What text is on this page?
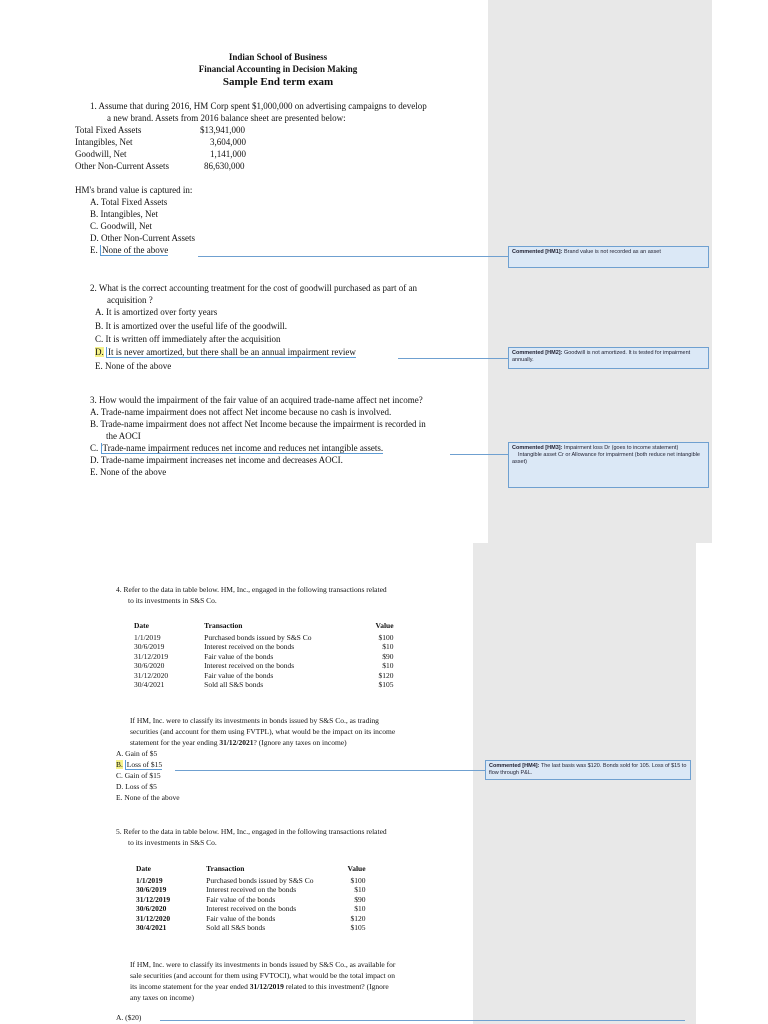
Indian School of Business
Financial Accounting in Decision Making
Sample End term exam
1. Assume that during 2016, HM Corp spent $1,000,000 on advertising campaigns to develop
a new brand. Assets from 2016 balance sheet are presented below:
Total Fixed Assets	$13,941,000
Intangibles, Net	3,604,000
Goodwill, Net	1,141,000
Other Non-Current Assets	86,630,000
HM's brand value is captured in:
A. Total Fixed Assets
B. Intangibles, Net
C. Goodwill, Net
D. Other Non-Current Assets
E. None of the above
2. What is the correct accounting treatment for the cost of goodwill purchased as part of an
acquisition ?
A. It is amortized over forty years
B. It is amortized over the useful life of the goodwill.
C. It is written off immediately after the acquisition
D. It is never amortized, but there shall be an annual impairment review
E. None of the above
3. How would the impairment of the fair value of an acquired trade-name affect net income?
A. Trade-name impairment does not affect Net income because no cash is involved.
B. Trade-name impairment does not affect Net Income because the impairment is recorded in
the AOCI
C. Trade-name impairment reduces net income and reduces net intangible assets.
D. Trade-name impairment increases net income and decreases AOCI.
E. None of the above
Commented [HM1]: Brand value is not recorded as an asset
Commented [HM2]: Goodwill is not amortized. It is tested for impairment annually.
Commented [HM3]: Impairment loss Dr (goes to income statement)
Intangible asset Cr or Allowance for impairment (both reduce net intangible asset)
4. Refer to the data in table below. HM, Inc., engaged in the following transactions related
to its investments in S&S Co.
Date	Transaction	Value
1/1/2019	Purchased bonds issued by S&S Co	$100
30/6/2019	Interest received on the bonds	$10
31/12/2019	Fair value of the bonds	$90
30/6/2020	Interest received on the bonds	$10
31/12/2020	Fair value of the bonds	$120
30/4/2021	Sold all S&S bonds	$105
If HM, Inc. were to classify its investments in bonds issued by S&S Co., as trading
securities (and account for them using FVTPL), what would be the impact on its income
statement for the year ending 31/12/2021? (Ignore any taxes on income)
A. Gain of $5
B. Loss of $15
C. Gain of $15
D. Loss of $5
E. None of the above
Commented [HM4]: The last basis was $120. Bonds sold for 105. Loss of $15 to flow through P&L.
5. Refer to the data in table below. HM, Inc., engaged in the following transactions related
to its investments in S&S Co.
Date	Transaction	Value
1/1/2019	Purchased bonds issued by S&S Co	$100
30/6/2019	Interest received on the bonds	$10
31/12/2019	Fair value of the bonds	$90
30/6/2020	Interest received on the bonds	$10
31/12/2020	Fair value of the bonds	$120
30/4/2021	Sold all S&S bonds	$105
If HM, Inc. were to classify its investments in bonds issued by S&S Co., as available for
sale securities (and account for them using FVTOCI), what would be the total impact on
its income statement for the year ended 31/12/2019 related to this investment? (Ignore
any taxes on income)
A. ($20)
